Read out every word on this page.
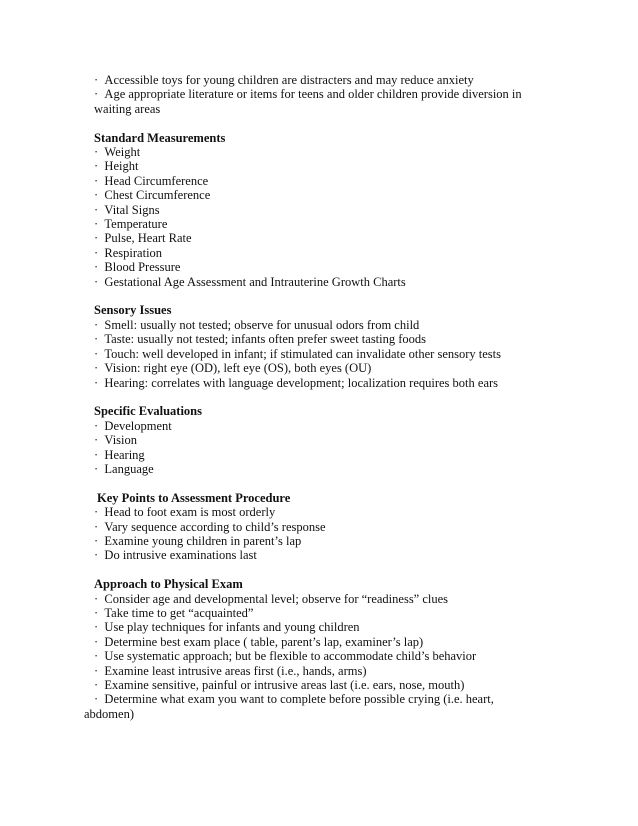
·  Accessible toys for young children are distracters and may reduce anxiety
·  Age appropriate literature or items for teens and older children provide diversion in
waiting areas
Standard Measurements
·  Weight
·  Height
·  Head Circumference
·  Chest Circumference
·  Vital Signs
·  Temperature
·  Pulse, Heart Rate
·  Respiration
·  Blood Pressure
·  Gestational Age Assessment and Intrauterine Growth Charts
Sensory Issues
·  Smell: usually not tested; observe for unusual odors from child
·  Taste: usually not tested; infants often prefer sweet tasting foods
·  Touch: well developed in infant; if stimulated can invalidate other sensory tests
·  Vision: right eye (OD), left eye (OS), both eyes (OU)
·  Hearing: correlates with language development; localization requires both ears
Specific Evaluations
·  Development
·  Vision
·  Hearing
·  Language
Key Points to Assessment Procedure
·  Head to foot exam is most orderly
·  Vary sequence according to child’s response
·  Examine young children in parent’s lap
·  Do intrusive examinations last
Approach to Physical Exam
·  Consider age and developmental level; observe for “readiness” clues
·  Take time to get “acquainted”
·  Use play techniques for infants and young children
·  Determine best exam place ( table, parent’s lap, examiner’s lap)
·  Use systematic approach; but be flexible to accommodate child’s behavior
·  Examine least intrusive areas first (i.e., hands, arms)
·  Examine sensitive, painful or intrusive areas last (i.e. ears, nose, mouth)
·  Determine what exam you want to complete before possible crying (i.e. heart,
abdomen)
